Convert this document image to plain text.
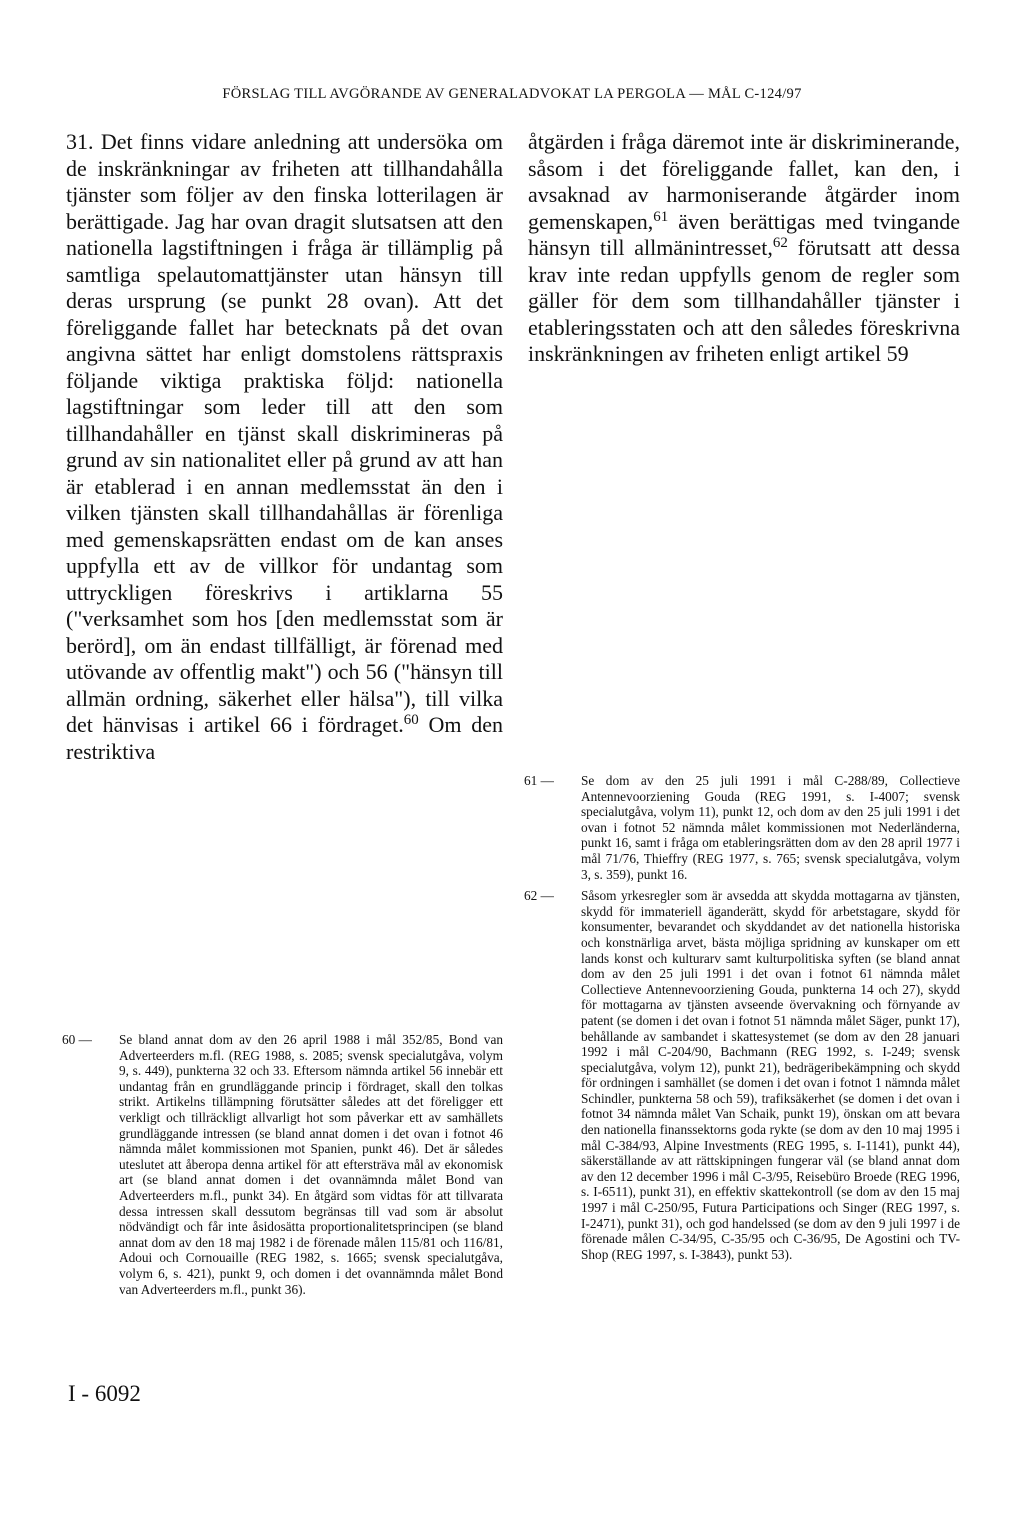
FÖRSLAG TILL AVGÖRANDE AV GENERALADVOKAT LA PERGOLA — MÅL C-124/97

31. Det finns vidare anledning att undersöka om de inskränkningar av friheten att tillhandahålla tjänster som följer av den finska lotterilagen är berättigade. Jag har ovan dragit slutsatsen att den nationella lagstiftningen i fråga är tillämplig på samtliga spelautomattjänster utan hänsyn till deras ursprung (se punkt 28 ovan). Att det föreliggande fallet har betecknats på det ovan angivna sättet har enligt domstolens rättspraxis följande viktiga praktiska följd: nationella lagstiftningar som leder till att den som tillhandahåller en tjänst skall diskrimineras på grund av sin nationalitet eller på grund av att han är etablerad i en annan medlemsstat än den i vilken tjänsten skall tillhandahållas är förenliga med gemenskapsrätten endast om de kan anses uppfylla ett av de villkor för undantag som uttryckligen föreskrivs i artiklarna 55 ("verksamhet som hos [den medlemsstat som är berörd], om än endast tillfälligt, är förenad med utövande av offentlig makt") och 56 ("hänsyn till allmän ordning, säkerhet eller hälsa"), till vilka det hänvisas i artikel 66 i fördraget.$^{60}$ Om den restriktiva

åtgärden i fråga däremot inte är diskriminerande, såsom i det föreliggande fallet, kan den, i avsaknad av harmoniserande åtgärder inom gemenskapen,$^{61}$ även berättigas med tvingande hänsyn till allmänintresset,$^{62}$ förutsatt att dessa krav inte redan uppfylls genom de regler som gäller för dem som tillhandahåller tjänster i etableringsstaten och att den således föreskrivna inskränkningen av friheten enligt artikel 59

60 —	Se bland annat dom av den 26 april 1988 i mål 352/85, Bond van Adverteerders m.fl. (REG 1988, s. 2085; svensk specialutgåva, volym 9, s. 449), punkterna 32 och 33. Eftersom nämnda artikel 56 innebär ett undantag från en grundläggande princip i fördraget, skall den tolkas strikt. Artikelns tillämpning förutsätter således att det föreligger ett verkligt och tillräckligt allvarligt hot som påverkar ett av samhällets grundläggande intressen (se bland annat domen i det ovan i fotnot 46 nämnda målet kommissionen mot Spanien, punkt 46). Det är således uteslutet att åberopa denna artikel för att eftersträva mål av ekonomisk art (se bland annat domen i det ovannämnda målet Bond van Adverteerders m.fl., punkt 34). En åtgärd som vidtas för att tillvarata dessa intressen skall dessutom begränsas till vad som är absolut nödvändigt och får inte åsidosätta proportionalitetsprincipen (se bland annat dom av den 18 maj 1982 i de förenade målen 115/81 och 116/81, Adoui och Cornouaille (REG 1982, s. 1665; svensk specialutgåva, volym 6, s. 421), punkt 9, och domen i det ovannämnda målet Bond van Adverteerders m.fl., punkt 36).
61 —	Se dom av den 25 juli 1991 i mål C-288/89, Collectieve Antennevoorziening Gouda (REG 1991, s. I-4007; svensk specialutgåva, volym 11), punkt 12, och dom av den 25 juli 1991 i det ovan i fotnot 52 nämnda målet kommissionen mot Nederländerna, punkt 16, samt i fråga om etableringsrätten dom av den 28 april 1977 i mål 71/76, Thieffry (REG 1977, s. 765; svensk specialutgåva, volym 3, s. 359), punkt 16.
62 —	Såsom yrkesregler som är avsedda att skydda mottagarna av tjänsten, skydd för immateriell äganderätt, skydd för arbetstagare, skydd för konsumenter, bevarandet och skyddandet av det nationella historiska och konstnärliga arvet, bästa möjliga spridning av kunskaper om ett lands konst och kulturarv samt kulturpolitiska syften (se bland annat dom av den 25 juli 1991 i det ovan i fotnot 61 nämnda målet Collectieve Antennevoorziening Gouda, punkterna 14 och 27), skydd för mottagarna av tjänsten avseende övervakning och förnyande av patent (se domen i det ovan i fotnot 51 nämnda målet Säger, punkt 17), behållande av sambandet i skattesystemet (se dom av den 28 januari 1992 i mål C-204/90, Bachmann (REG 1992, s. I-249; svensk specialutgåva, volym 12), punkt 21), bedrägeribekämpning och skydd för ordningen i samhället (se domen i det ovan i fotnot 1 nämnda målet Schindler, punkterna 58 och 59), trafiksäkerhet (se domen i det ovan i fotnot 34 nämnda målet Van Schaik, punkt 19), önskan om att bevara den nationella finanssektorns goda rykte (se dom av den 10 maj 1995 i mål C-384/93, Alpine Investments (REG 1995, s. I-1141), punkt 44), säkerställande av att rättskipningen fungerar väl (se bland annat dom av den 12 december 1996 i mål C-3/95, Reisebüro Broede (REG 1996, s. I-6511), punkt 31), en effektiv skattekontroll (se dom av den 15 maj 1997 i mål C-250/95, Futura Participations och Singer (REG 1997, s. I-2471), punkt 31), och god handelssed (se dom av den 9 juli 1997 i de förenade målen C-34/95, C-35/95 och C-36/95, De Agostini och TV-Shop (REG 1997, s. I-3843), punkt 53).
I - 6092
